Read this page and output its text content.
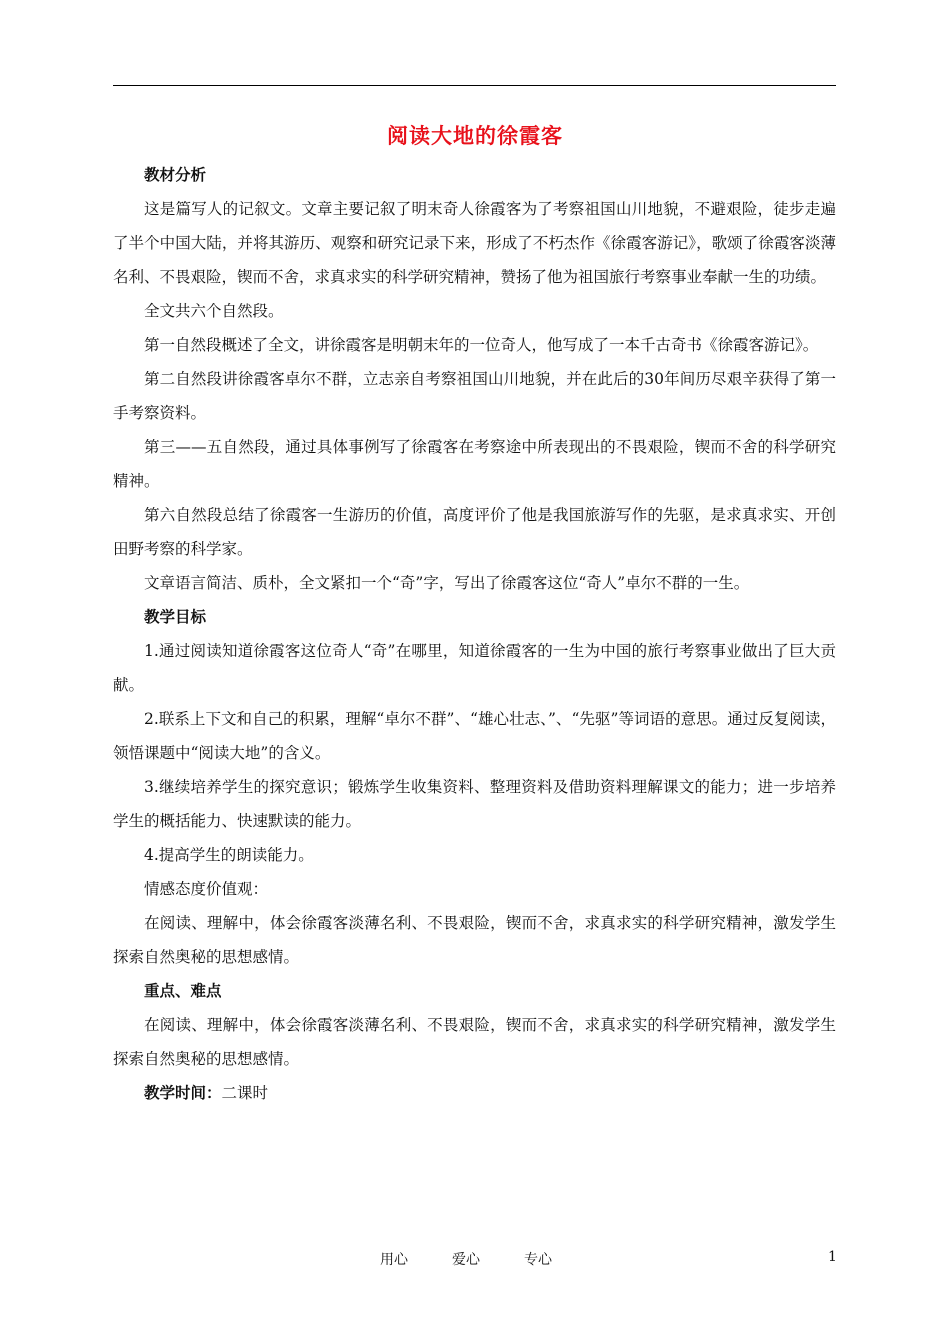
阅读大地的徐霞客

教材分析

这是篇写人的记叙文。文章主要记叙了明末奇人徐霞客为了考察祖国山川地貌，不避艰险，徒步走遍了半个中国大陆，并将其游历、观察和研究记录下来，形成了不朽杰作《徐霞客游记》，歌颂了徐霞客淡薄名利、不畏艰险，锲而不舍，求真求实的科学研究精神，赞扬了他为祖国旅行考察事业奉献一生的功绩。

全文共六个自然段。

第一自然段概述了全文，讲徐霞客是明朝末年的一位奇人，他写成了一本千古奇书《徐霞客游记》。

第二自然段讲徐霞客卓尔不群，立志亲自考察祖国山川地貌，并在此后的30年间历尽艰辛获得了第一手考察资料。

第三——五自然段，通过具体事例写了徐霞客在考察途中所表现出的不畏艰险，锲而不舍的科学研究精神。

第六自然段总结了徐霞客一生游历的价值，高度评价了他是我国旅游写作的先驱，是求真求实、开创田野考察的科学家。

文章语言简洁、质朴，全文紧扣一个“奇”字，写出了徐霞客这位“奇人”卓尔不群的一生。

教学目标

1.通过阅读知道徐霞客这位奇人“奇”在哪里，知道徐霞客的一生为中国的旅行考察事业做出了巨大贡献。

2.联系上下文和自己的积累，理解“卓尔不群”、“雄心壮志、”、“先驱”等词语的意思。通过反复阅读，领悟课题中“阅读大地”的含义。

3.继续培养学生的探究意识；锻炼学生收集资料、整理资料及借助资料理解课文的能力；进一步培养学生的概括能力、快速默读的能力。

4.提高学生的朗读能力。

情感态度价值观：

在阅读、理解中，体会徐霞客淡薄名利、不畏艰险，锲而不舍，求真求实的科学研究精神，激发学生探索自然奥秘的思想感情。

重点、难点

在阅读、理解中，体会徐霞客淡薄名利、不畏艰险，锲而不舍，求真求实的科学研究精神，激发学生探索自然奥秘的思想感情。

教学时间：二课时

用心	爱心	专心	1
